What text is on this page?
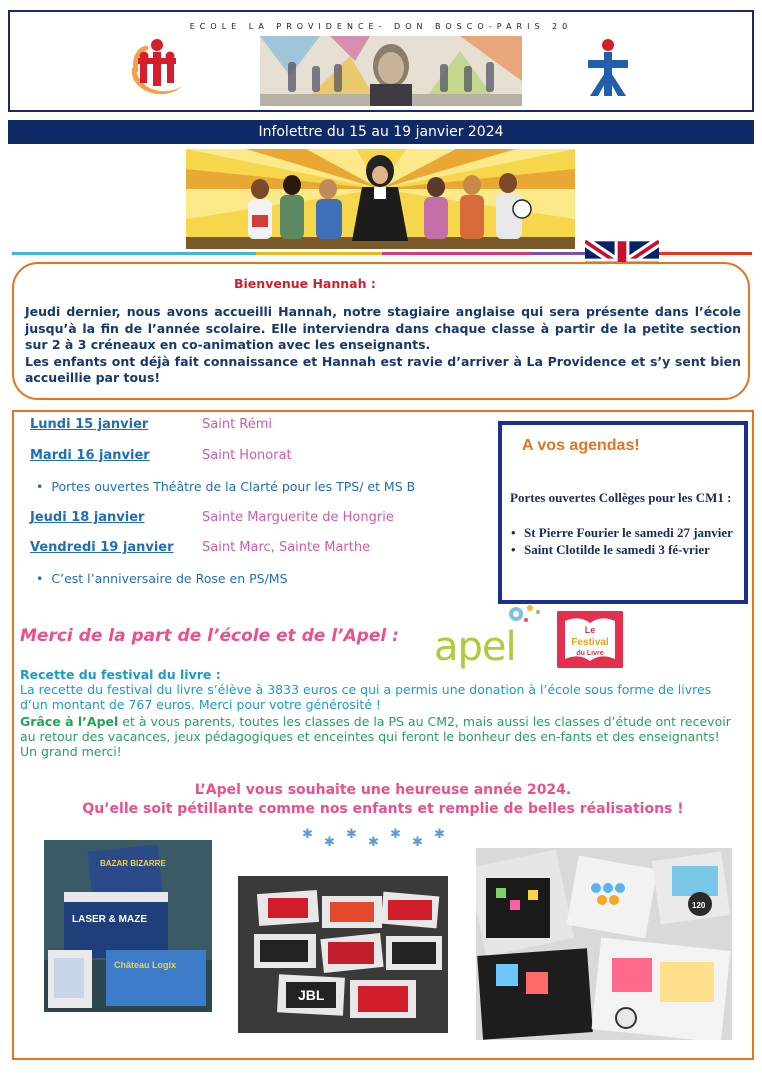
ECOLE LA PROVIDENCE- DON BOSCO-PARIS 20
Infolettre du 15 au 19 janvier 2024
Bienvenue Hannah :
Jeudi dernier, nous avons accueilli Hannah, notre stagiaire anglaise qui sera présente dans l’école jusqu’à la fin de l’année scolaire. Elle interviendra dans chaque classe à partir de la petite section sur 2 à 3 créneaux en co-animation avec les enseignants.
Les enfants ont déjà fait connaissance et Hannah est ravie d’arriver à La Providence et s’y sent bien accueillie par tous!
Lundi 15 janvier	Saint Rémi
Mardi 16 janvier	Saint Honorat
• Portes ouvertes Théâtre de la Clarté pour les TPS/ et MS B
Jeudi 18 janvier	Sainte Marguerite de Hongrie
Vendredi 19 janvier Saint Marc, Sainte Marthe
• C’est l’anniversaire de Rose en PS/MS
A vos agendas!
Portes ouvertes Collèges pour les CM1 :
• St Pierre Fourier le samedi 27 janvier
• Saint Clotilde le samedi 3 fé-vrier
Merci de la part de l’école et de l’Apel : apel	Le
Festival
du Livre
Recette du festival du livre :
La recette du festival du livre s’élève à 3833 euros ce qui a permis une donation à l’école sous forme de livres d’un montant de 767 euros. Merci pour votre générosité !
Grâce à l’Apel et à vous parents, toutes les classes de la PS au CM2, mais aussi les classes d’étude ont recevoir au retour des vacances, jeux pédagogiques et enceintes qui feront le bonheur des en-fants et des enseignants! Un grand merci!
L’Apel vous souhaite une heureuse année 2024.
Qu’elle soit pétillante comme nos enfants et remplie de belles réalisations !
✱
✱
✱
✱
✱
✱
✱
BAZAR BIZARRE
LASER & MAZE
Château Logix
JBL
120
